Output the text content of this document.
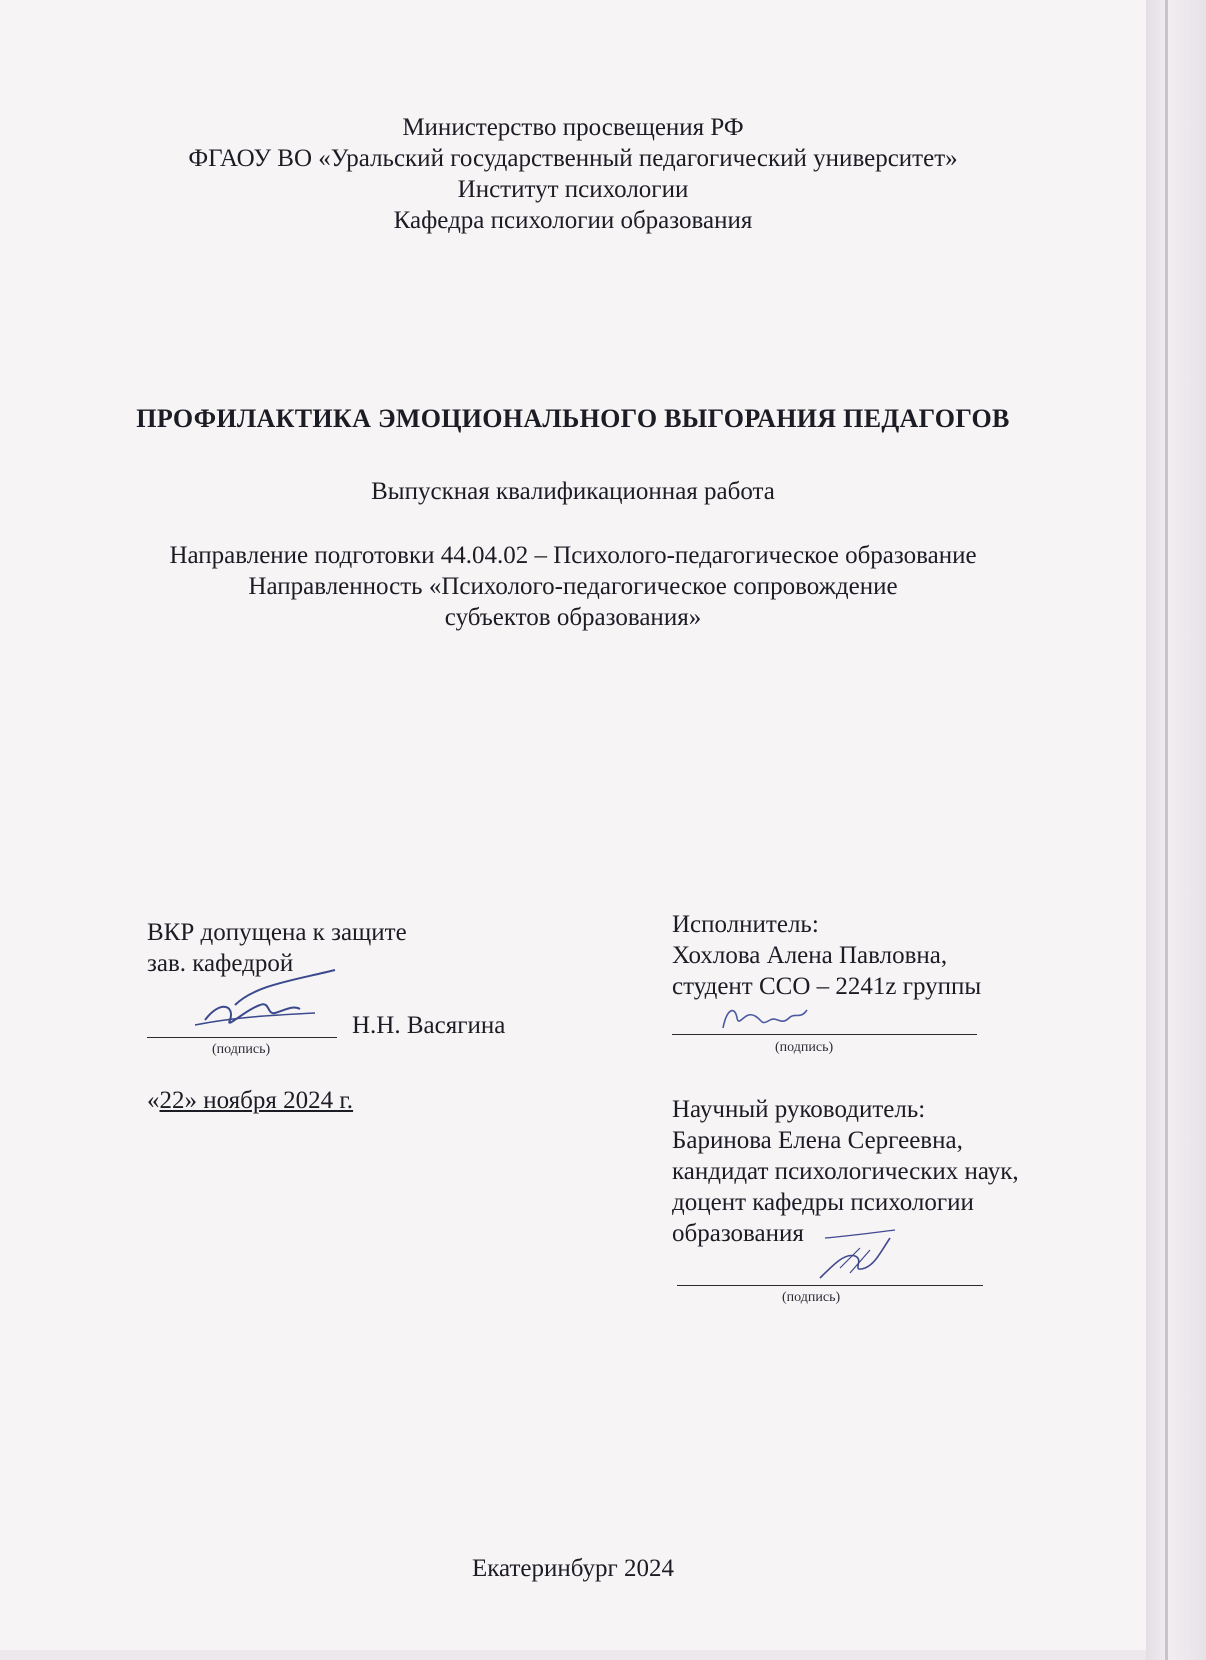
Министерство просвещения РФ
ФГАОУ ВО «Уральский государственный педагогический университет»
Институт психологии
Кафедра психологии образования
ПРОФИЛАКТИКА ЭМОЦИОНАЛЬНОГО ВЫГОРАНИЯ ПЕДАГОГОВ
Выпускная квалификационная работа
Направление подготовки 44.04.02 – Психолого-педагогическое образование
Направленность «Психолого-педагогическое сопровождение
субъектов образования»
ВКР допущена к защите
зав. кафедрой
Н.Н. Васягина
(подпись)
«22» ноября 2024 г.
Исполнитель:
Хохлова Алена Павловна,
студент ССО – 2241z группы
(подпись)
Научный руководитель:
Баринова Елена Сергеевна,
кандидат психологических наук,
доцент кафедры психологии
образования
(подпись)
Екатеринбург 2024
